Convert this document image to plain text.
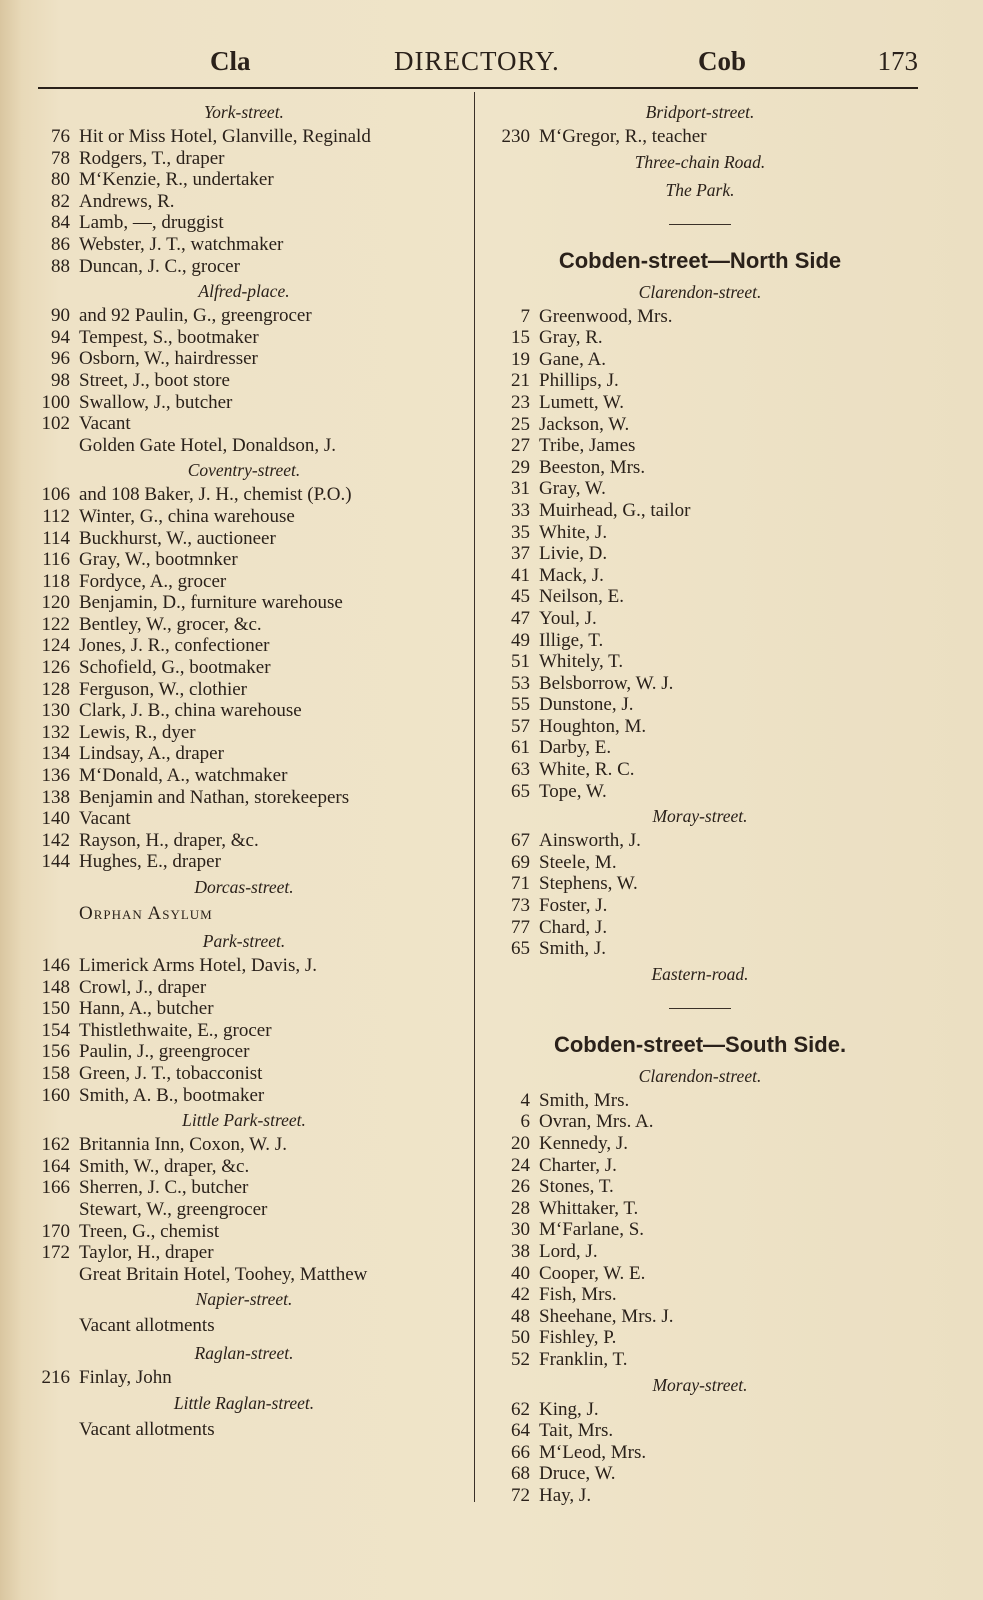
Cla	DIRECTORY.	Cob	173
York-street.
76 Hit or Miss Hotel, Glanville, Reginald
78 Rodgers, T., draper
80 M‘Kenzie, R., undertaker
82 Andrews, R.
84 Lamb, —, druggist
86 Webster, J. T., watchmaker
88 Duncan, J. C., grocer
Alfred-place.
90 and 92 Paulin, G., greengrocer
94 Tempest, S., bootmaker
96 Osborn, W., hairdresser
98 Street, J., boot store
100 Swallow, J., butcher
102 Vacant
Golden Gate Hotel, Donaldson, J.
Coventry-street.
106 and 108 Baker, J. H., chemist (P.O.)
112 Winter, G., china warehouse
114 Buckhurst, W., auctioneer
116 Gray, W., bootmnker
118 Fordyce, A., grocer
120 Benjamin, D., furniture warehouse
122 Bentley, W., grocer, &c.
124 Jones, J. R., confectioner
126 Schofield, G., bootmaker
128 Ferguson, W., clothier
130 Clark, J. B., china warehouse
132 Lewis, R., dyer
134 Lindsay, A., draper
136 M‘Donald, A., watchmaker
138 Benjamin and Nathan, storekeepers
140 Vacant
142 Rayson, H., draper, &c.
144 Hughes, E., draper
Dorcas-street.
Orphan Asylum
Park-street.
146 Limerick Arms Hotel, Davis, J.
148 Crowl, J., draper
150 Hann, A., butcher
154 Thistlethwaite, E., grocer
156 Paulin, J., greengrocer
158 Green, J. T., tobacconist
160 Smith, A. B., bootmaker
Little Park-street.
162 Britannia Inn, Coxon, W. J.
164 Smith, W., draper, &c.
166 Sherren, J. C., butcher
Stewart, W., greengrocer
170 Treen, G., chemist
172 Taylor, H., draper
Great Britain Hotel, Toohey, Matthew
Napier-street.
Vacant allotments
Raglan-street.
216 Finlay, John
Little Raglan-street.
Vacant allotments
Bridport-street.
230 M‘Gregor, R., teacher
Three-chain Road.
The Park.
Cobden-street—North Side
Clarendon-street.
7 Greenwood, Mrs.
15 Gray, R.
19 Gane, A.
21 Phillips, J.
23 Lumett, W.
25 Jackson, W.
27 Tribe, James
29 Beeston, Mrs.
31 Gray, W.
33 Muirhead, G., tailor
35 White, J.
37 Livie, D.
41 Mack, J.
45 Neilson, E.
47 Youl, J.
49 Illige, T.
51 Whitely, T.
53 Belsborrow, W. J.
55 Dunstone, J.
57 Houghton, M.
61 Darby, E.
63 White, R. C.
65 Tope, W.
Moray-street.
67 Ainsworth, J.
69 Steele, M.
71 Stephens, W.
73 Foster, J.
77 Chard, J.
65 Smith, J.
Eastern-road.
Cobden-street—South Side.
Clarendon-street.
4 Smith, Mrs.
6 Ovran, Mrs. A.
20 Kennedy, J.
24 Charter, J.
26 Stones, T.
28 Whittaker, T.
30 M‘Farlane, S.
38 Lord, J.
40 Cooper, W. E.
42 Fish, Mrs.
48 Sheehane, Mrs. J.
50 Fishley, P.
52 Franklin, T.
Moray-street.
62 King, J.
64 Tait, Mrs.
66 M‘Leod, Mrs.
68 Druce, W.
72 Hay, J.
